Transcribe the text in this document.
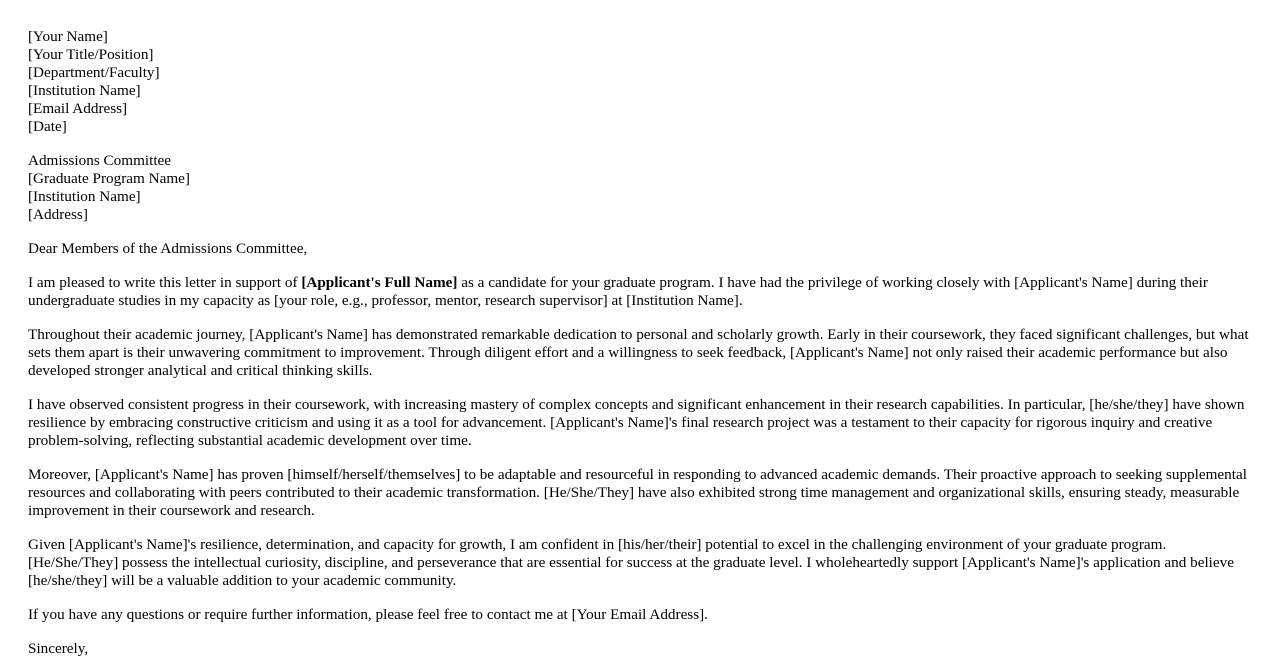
[Your Name]
[Your Title/Position]
[Department/Faculty]
[Institution Name]
[Email Address]
[Date]
Admissions Committee
[Graduate Program Name]
[Institution Name]
[Address]

Dear Members of the Admissions Committee,

I am pleased to write this letter in support of [Applicant's Full Name] as a candidate for your graduate program. I have had the privilege of working closely with [Applicant's Name] during their undergraduate studies in my capacity as [your role, e.g., professor, mentor, research supervisor] at [Institution Name].

Throughout their academic journey, [Applicant's Name] has demonstrated remarkable dedication to personal and scholarly growth. Early in their coursework, they faced significant challenges, but what sets them apart is their unwavering commitment to improvement. Through diligent effort and a willingness to seek feedback, [Applicant's Name] not only raised their academic performance but also developed stronger analytical and critical thinking skills.

I have observed consistent progress in their coursework, with increasing mastery of complex concepts and significant enhancement in their research capabilities. In particular, [he/she/they] have shown resilience by embracing constructive criticism and using it as a tool for advancement. [Applicant's Name]'s final research project was a testament to their capacity for rigorous inquiry and creative problem-solving, reflecting substantial academic development over time.

Moreover, [Applicant's Name] has proven [himself/herself/themselves] to be adaptable and resourceful in responding to advanced academic demands. Their proactive approach to seeking supplemental resources and collaborating with peers contributed to their academic transformation. [He/She/They] have also exhibited strong time management and organizational skills, ensuring steady, measurable improvement in their coursework and research.

Given [Applicant's Name]'s resilience, determination, and capacity for growth, I am confident in [his/her/their] potential to excel in the challenging environment of your graduate program. [He/She/They] possess the intellectual curiosity, discipline, and perseverance that are essential for success at the graduate level. I wholeheartedly support [Applicant's Name]'s application and believe [he/she/they] will be a valuable addition to your academic community.

If you have any questions or require further information, please feel free to contact me at [Your Email Address].

Sincerely,
